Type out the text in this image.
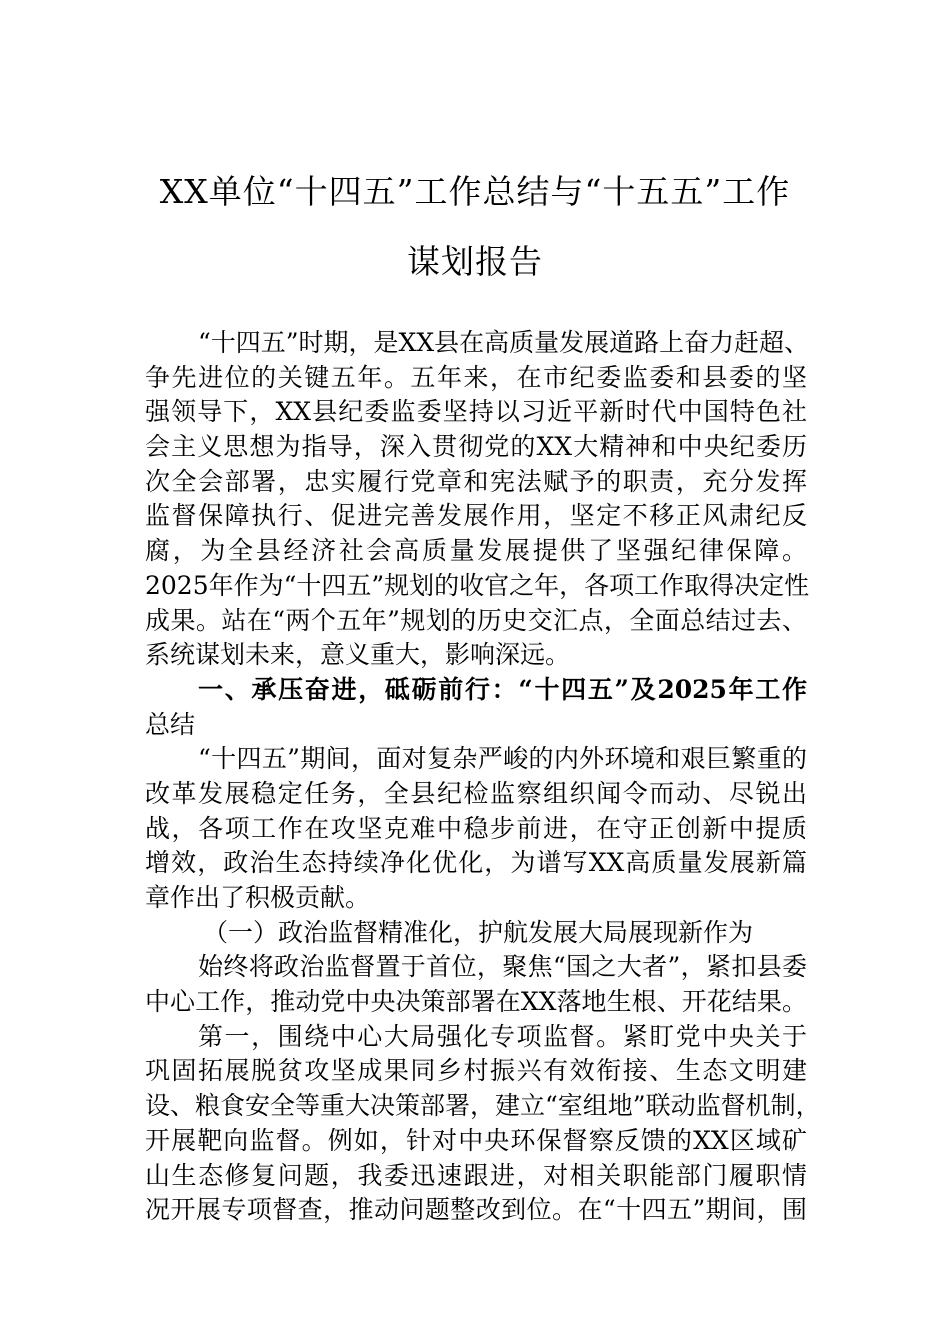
XX单位“十四五”工作总结与“十五五”工作
谋划报告
“十四五”时期，是XX县在高质量发展道路上奋力赶超、
争先进位的关键五年。五年来，在市纪委监委和县委的坚
强领导下，XX县纪委监委坚持以习近平新时代中国特色社
会主义思想为指导，深入贯彻党的XX大精神和中央纪委历
次全会部署，忠实履行党章和宪法赋予的职责，充分发挥
监督保障执行、促进完善发展作用，坚定不移正风肃纪反
腐，为全县经济社会高质量发展提供了坚强纪律保障。
2025年作为“十四五”规划的收官之年，各项工作取得决定性
成果。站在“两个五年”规划的历史交汇点，全面总结过去、
系统谋划未来，意义重大，影响深远。
一、承压奋进，砥砺前行：“十四五”及2025年工作
总结
“十四五”期间，面对复杂严峻的内外环境和艰巨繁重的
改革发展稳定任务，全县纪检监察组织闻令而动、尽锐出
战，各项工作在攻坚克难中稳步前进，在守正创新中提质
增效，政治生态持续净化优化，为谱写XX高质量发展新篇
章作出了积极贡献。
（一）政治监督精准化，护航发展大局展现新作为
始终将政治监督置于首位，聚焦“国之大者”，紧扣县委
中心工作，推动党中央决策部署在XX落地生根、开花结果。
第一，围绕中心大局强化专项监督。紧盯党中央关于
巩固拓展脱贫攻坚成果同乡村振兴有效衔接、生态文明建
设、粮食安全等重大决策部署，建立“室组地”联动监督机制，
开展靶向监督。例如，针对中央环保督察反馈的XX区域矿
山生态修复问题，我委迅速跟进，对相关职能部门履职情
况开展专项督查，推动问题整改到位。在“十四五”期间，围
